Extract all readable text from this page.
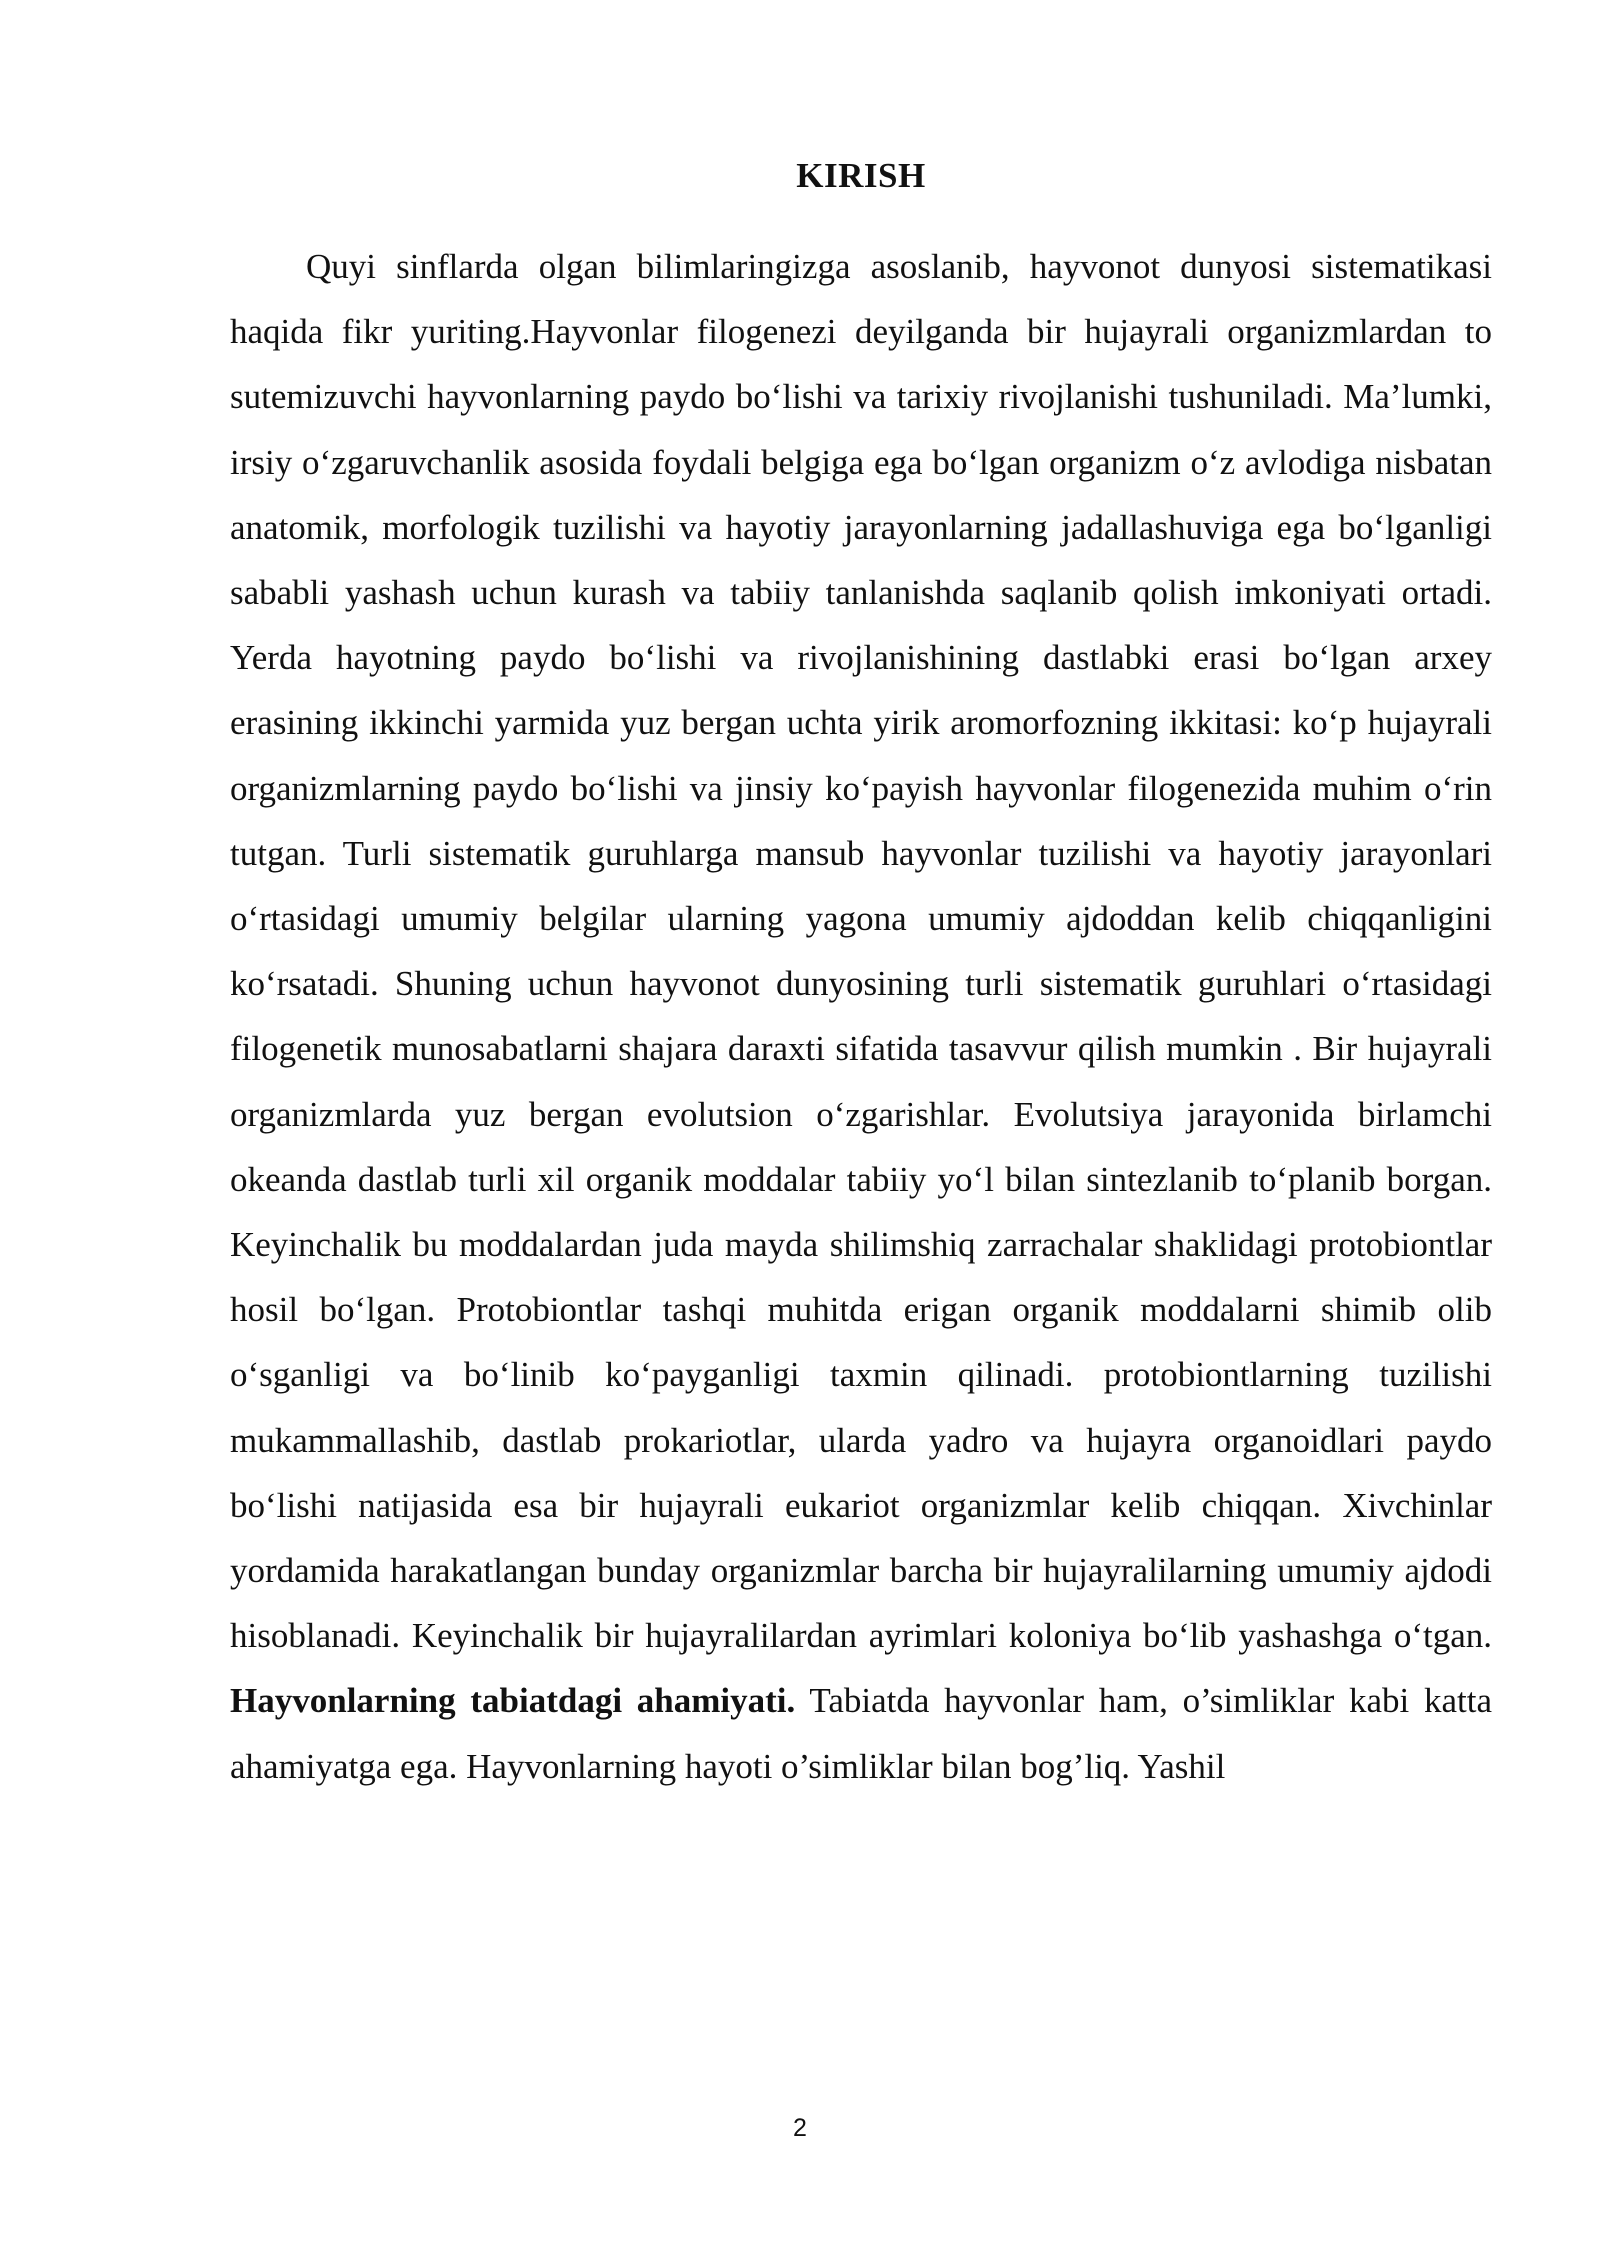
KIRISH

Quyi sinflarda olgan bilimlaringizga asoslanib, hayvonot dunyosi sistematikasi haqida fikr yuriting.Hayvonlar filogenezi deyilganda bir hujayrali organizmlardan to sutemizuvchi hayvonlarning paydo bo‘lishi va tarixiy rivojlanishi tushuniladi. Ma’lumki, irsiy o‘zgaruvchanlik asosida foydali belgiga ega bo‘lgan organizm o‘z avlodiga nisbatan anatomik, morfologik tuzilishi va hayotiy jarayonlarning jadallashuviga ega bo‘lganligi sababli yashash uchun kurash va tabiiy tanlanishda saqlanib qolish imkoniyati ortadi. Yerda hayotning paydo bo‘lishi va rivojlanishining dastlabki erasi bo‘lgan arxey erasining ikkinchi yarmida yuz bergan uchta yirik aromorfozning ikkitasi: ko‘p hujayrali organizmlarning paydo bo‘lishi va jinsiy ko‘payish hayvonlar filogenezida muhim o‘rin tutgan. Turli sistematik guruhlarga mansub hayvonlar tuzilishi va hayotiy jarayonlari o‘rtasidagi umumiy belgilar ularning yagona umumiy ajdoddan kelib chiqqanligini ko‘rsatadi. Shuning uchun hayvonot dunyosining turli sistematik guruhlari o‘rtasidagi filogenetik munosabatlarni shajara daraxti sifatida tasavvur qilish mumkin . Bir hujayrali organizmlarda yuz bergan evolutsion o‘zgarishlar. Evolutsiya jarayonida birlamchi okeanda dastlab turli xil organik moddalar tabiiy yo‘l bilan sintezlanib to‘planib borgan. Keyinchalik bu moddalardan juda mayda shilimshiq zarrachalar shaklidagi protobiontlar hosil bo‘lgan. Protobiontlar tashqi muhitda erigan organik moddalarni shimib olib o‘sganligi va bo‘linib ko‘payganligi taxmin qilinadi. protobiontlarning tuzilishi mukammallashib, dastlab prokariotlar, ularda yadro va hujayra organoidlari paydo bo‘lishi natijasida esa bir hujayrali eukariot organizmlar kelib chiqqan. Xivchinlar yordamida harakatlangan bunday organizmlar barcha bir hujayralilarning umumiy ajdodi hisoblanadi. Keyinchalik bir hujayralilardan ayrimlari koloniya bo‘lib yashashga o‘tgan. Hayvonlarning tabiatdagi ahamiyati. Tabiatda hayvonlar ham, o’simliklar kabi katta ahamiyatga ega. Hayvonlarning hayoti o’simliklar bilan bog’liq. Yashil

2
